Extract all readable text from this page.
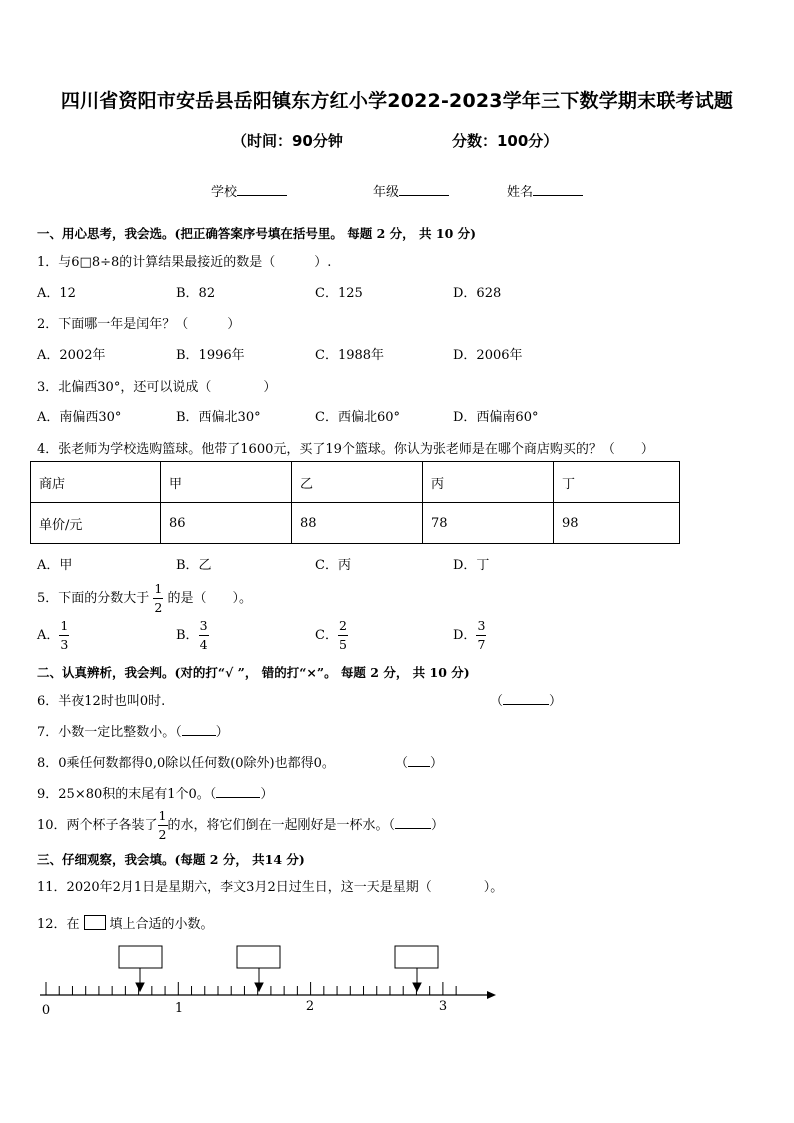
四川省资阳市安岳县岳阳镇东方红小学2022-2023学年三下数学期末联考试题
（时间：90分钟	分数：100分）
学校	年级	姓名
一、用心思考，我会选。(把正确答案序号填在括号里。 每题 2 分， 共 10 分)
1．与6□8÷8的计算结果最接近的数是（　　　）.
A．12	B．82	C．125	D．628
2．下面哪一年是闰年？（　　　）
A．2002年	B．1996年	C．1988年	D．2006年
3．北偏西30°，还可以说成（　　　　）
A．南偏西30°	B．西偏北30°	C．西偏北60°	D．西偏南60°
4．张老师为学校选购篮球。他带了1600元，买了19个篮球。你认为张老师是在哪个商店购买的？（　　）
商店	甲	乙	丙	丁
单价/元	86	88	78	98
A．甲	B．乙	C．丙	D．丁
5．下面的分数大于 $\frac{1}{2}$ 的是（　　）。
A． $\frac{1}{3}$	B． $\frac{3}{4}$	C． $\frac{2}{5}$	D． $\frac{3}{7}$
二、认真辨析，我会判。(对的打“√ ”， 错的打“×”。 每题 2 分， 共 10 分)
6．半夜12时也叫0时.	（	）
7．小数一定比整数小。（	）
8．0乘任何数都得0,0除以任何数(0除外)也都得0。	（ ）
9．25×80积的末尾有1个0。（	）
10．两个杯子各装了 $\frac{1}{2}$ 的水，将它们倒在一起刚好是一杯水。（	）
三、仔细观察，我会填。(每题 2 分， 共14 分)
11．2020年2月1日是星期六，李文3月2日过生日，这一天是星期（　　　　）。
12．在 填上合适的小数。
0	1	2	3
